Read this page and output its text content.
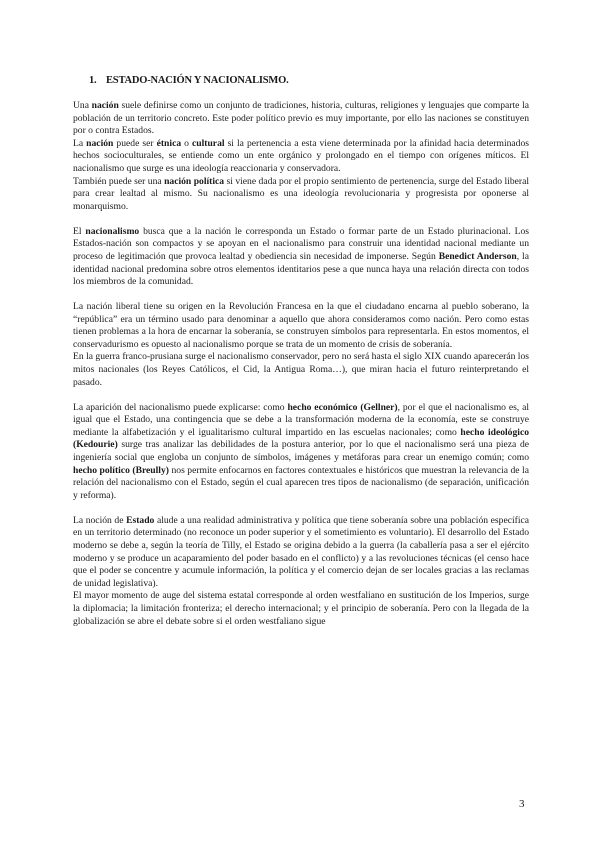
1. ESTADO-NACIÓN Y NACIONALISMO.

Una nación suele definirse como un conjunto de tradiciones, historia, culturas, religiones y lenguajes que comparte la población de un territorio concreto. Este poder político previo es muy importante, por ello las naciones se constituyen por o contra Estados.

La nación puede ser étnica o cultural si la pertenencia a esta viene determinada por la afinidad hacia determinados hechos socioculturales, se entiende como un ente orgánico y prolongado en el tiempo con orígenes míticos. El nacionalismo que surge es una ideología reaccionaria y conservadora.

También puede ser una nación política si viene dada por el propio sentimiento de pertenencia, surge del Estado liberal para crear lealtad al mismo. Su nacionalismo es una ideología revolucionaria y progresista por oponerse al monarquismo.

El nacionalismo busca que a la nación le corresponda un Estado o formar parte de un Estado plurinacional. Los Estados-nación son compactos y se apoyan en el nacionalismo para construir una identidad nacional mediante un proceso de legitimación que provoca lealtad y obediencia sin necesidad de imponerse. Según Benedict Anderson, la identidad nacional predomina sobre otros elementos identitarios pese a que nunca haya una relación directa con todos los miembros de la comunidad.

La nación liberal tiene su origen en la Revolución Francesa en la que el ciudadano encarna al pueblo soberano, la “república” era un término usado para denominar a aquello que ahora consideramos como nación. Pero como estas tienen problemas a la hora de encarnar la soberanía, se construyen símbolos para representarla. En estos momentos, el conservadurismo es opuesto al nacionalismo porque se trata de un momento de crisis de soberanía.

En la guerra franco-prusiana surge el nacionalismo conservador, pero no será hasta el siglo XIX cuando aparecerán los mitos nacionales (los Reyes Católicos, el Cid, la Antigua Roma…), que miran hacia el futuro reinterpretando el pasado.

La aparición del nacionalismo puede explicarse: como hecho económico (Gellner), por el que el nacionalismo es, al igual que el Estado, una contingencia que se debe a la transformación moderna de la economía, este se construye mediante la alfabetización y el igualitarismo cultural impartido en las escuelas nacionales; como hecho ideológico (Kedourie) surge tras analizar las debilidades de la postura anterior, por lo que el nacionalismo será una pieza de ingeniería social que engloba un conjunto de símbolos, imágenes y metáforas para crear un enemigo común; como hecho político (Breully) nos permite enfocarnos en factores contextuales e históricos que muestran la relevancia de la relación del nacionalismo con el Estado, según el cual aparecen tres tipos de nacionalismo (de separación, unificación y reforma).

La noción de Estado alude a una realidad administrativa y política que tiene soberanía sobre una población específica en un territorio determinado (no reconoce un poder superior y el sometimiento es voluntario). El desarrollo del Estado moderno se debe a, según la teoría de Tilly, el Estado se origina debido a la guerra (la caballería pasa a ser el ejército moderno y se produce un acaparamiento del poder basado en el conflicto) y a las revoluciones técnicas (el censo hace que el poder se concentre y acumule información, la política y el comercio dejan de ser locales gracias a las reclamas de unidad legislativa).

El mayor momento de auge del sistema estatal corresponde al orden westfaliano en sustitución de los Imperios, surge la diplomacia; la limitación fronteriza; el derecho internacional; y el principio de soberanía. Pero con la llegada de la globalización se abre el debate sobre si el orden westfaliano sigue

3
